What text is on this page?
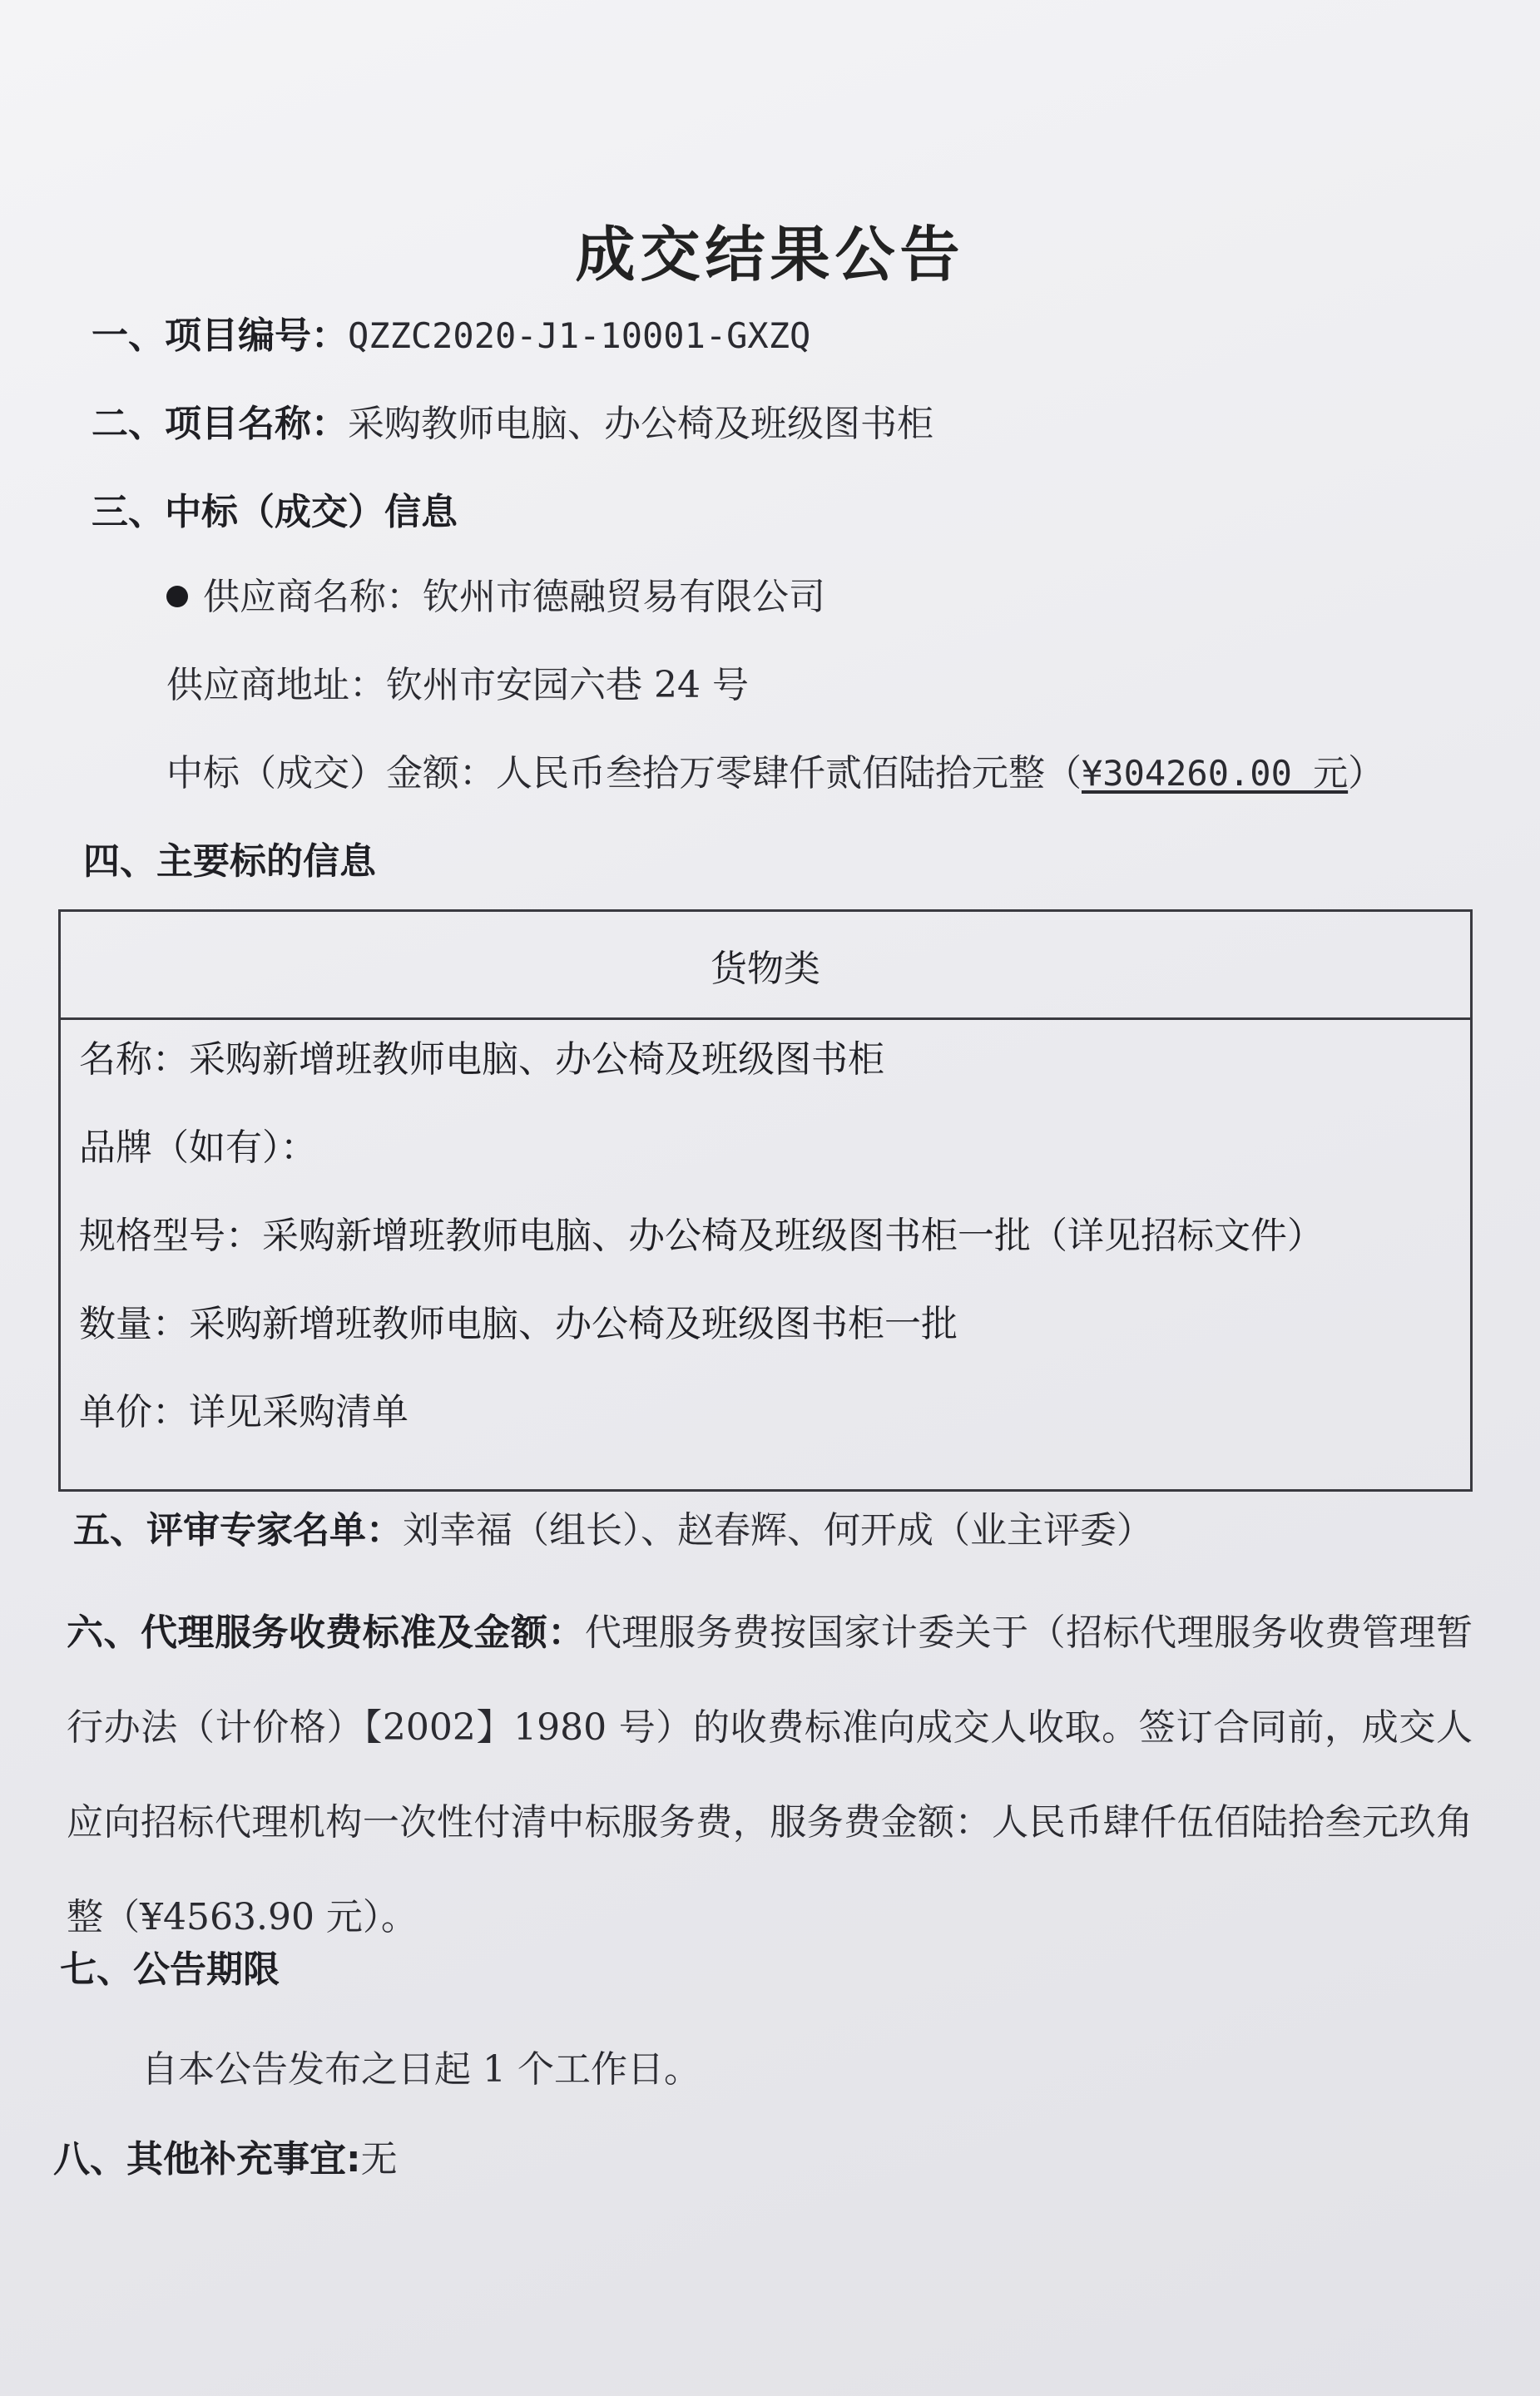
成交结果公告
一、项目编号：QZZC2020-J1-10001-GXZQ
二、项目名称：采购教师电脑、办公椅及班级图书柜
三、中标（成交）信息
供应商名称：钦州市德融贸易有限公司
供应商地址：钦州市安园六巷 24 号
中标（成交）金额：人民币叁拾万零肆仟贰佰陆拾元整（¥304260.00 元）
四、主要标的信息
货物类
名称：采购新增班教师电脑、办公椅及班级图书柜
品牌（如有）：
规格型号：采购新增班教师电脑、办公椅及班级图书柜一批（详见招标文件）
数量：采购新增班教师电脑、办公椅及班级图书柜一批
单价：详见采购清单
五、评审专家名单：刘幸福（组长）、赵春辉、何开成（业主评委）
六、代理服务收费标准及金额：代理服务费按国家计委关于（招标代理服务收费管理暂行办法（计价格）【2002】1980 号）的收费标准向成交人收取。签订合同前，成交人应向招标代理机构一次性付清中标服务费，服务费金额：人民币肆仟伍佰陆拾叁元玖角整（¥4563.90 元）。
七、公告期限
自本公告发布之日起 1 个工作日。
八、其他补充事宜:无
